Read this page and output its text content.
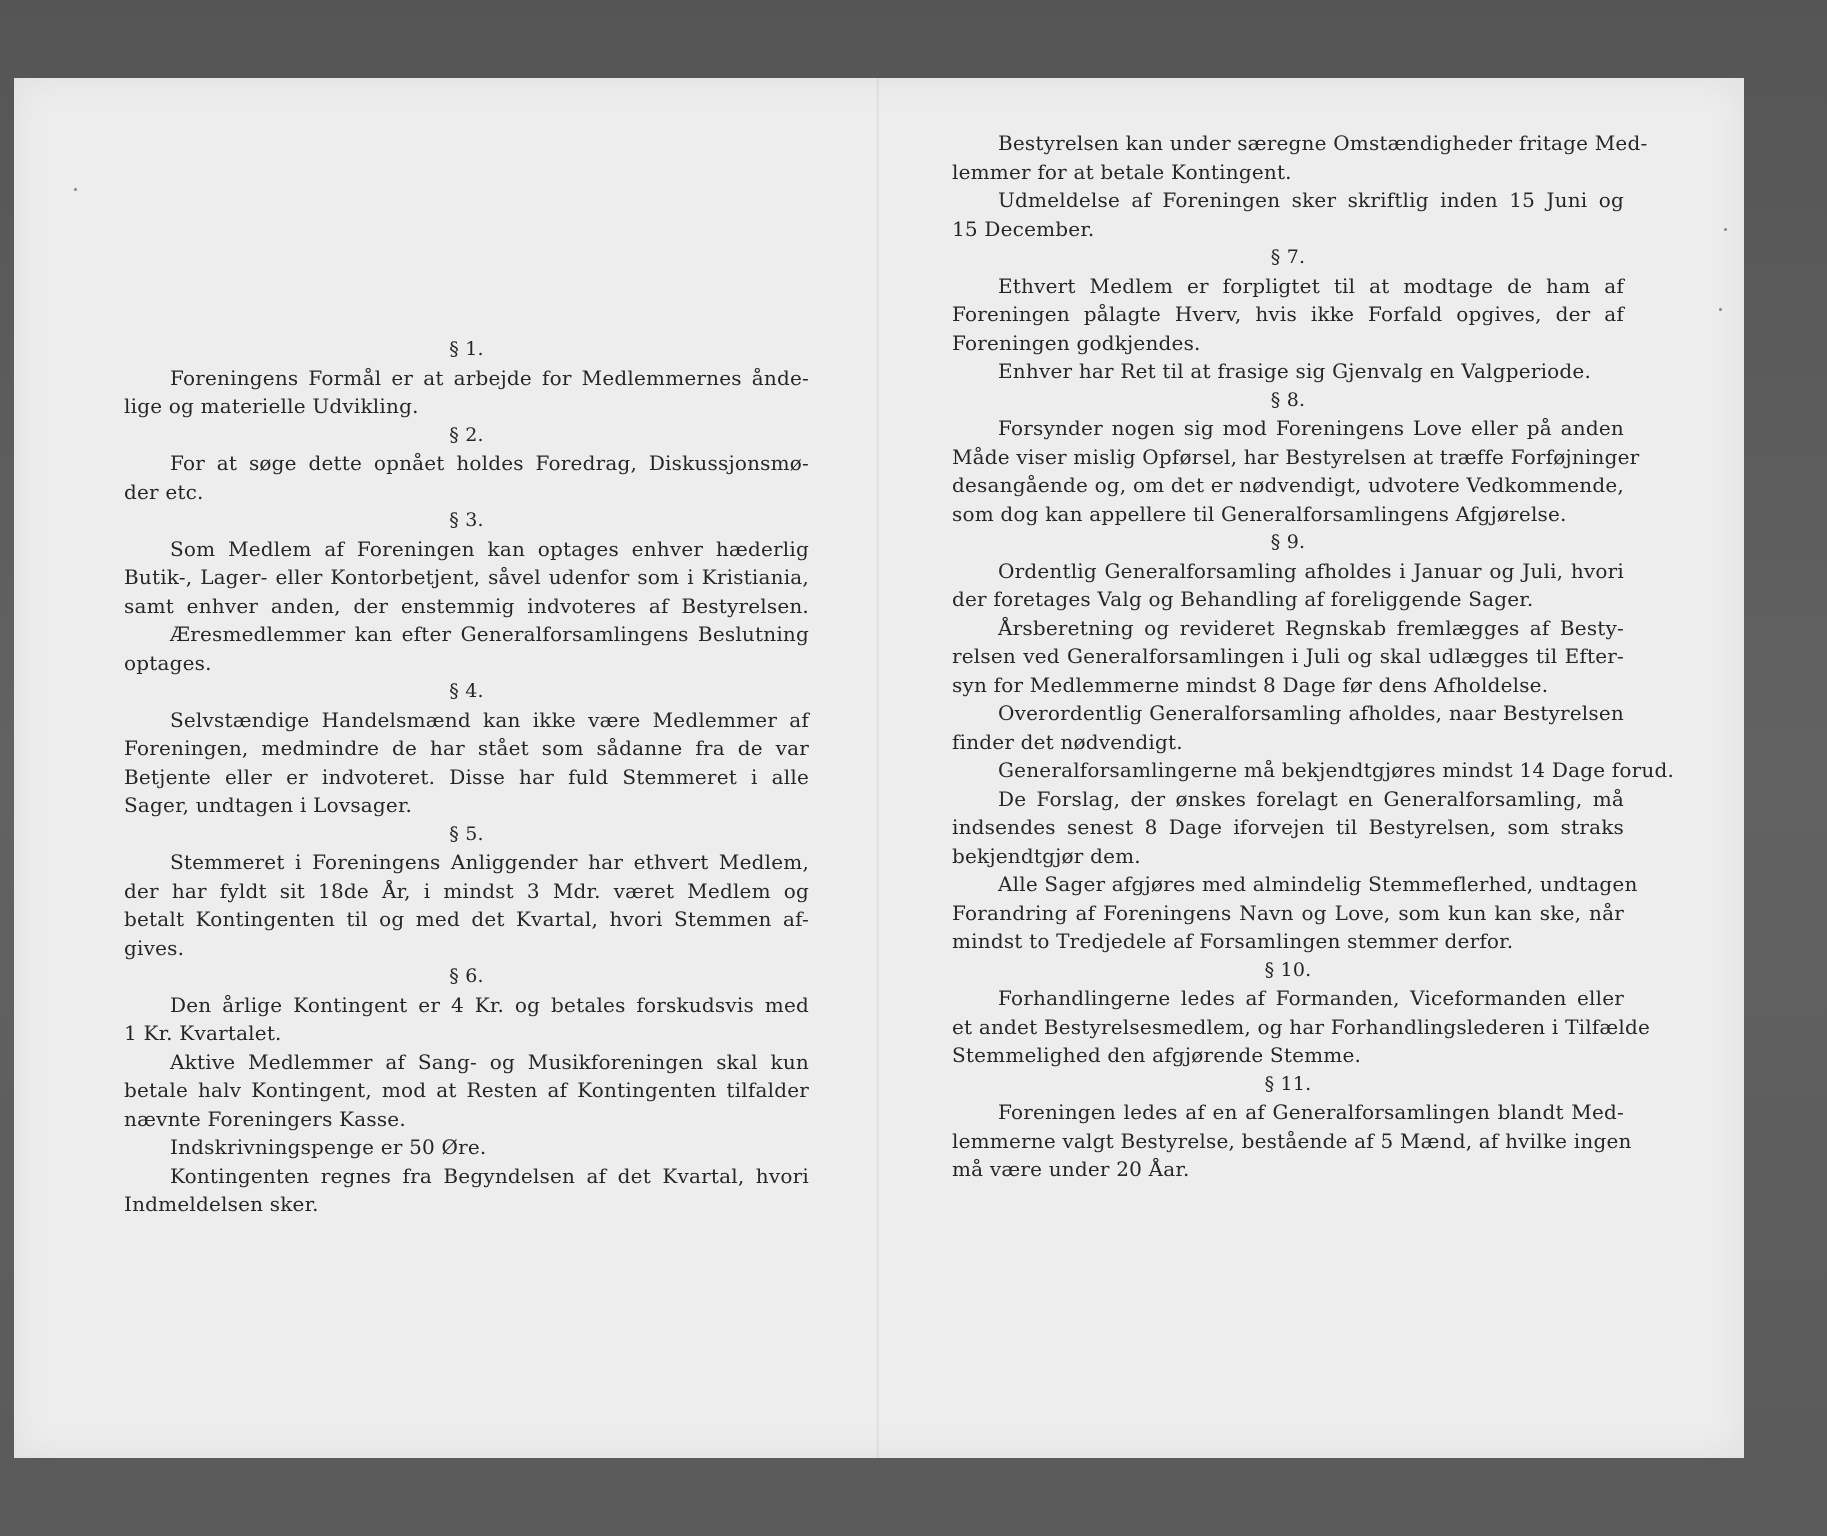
§ 1.
Foreningens Formål er at arbejde for Medlemmernes ånde-
lige og materielle Udvikling.
§ 2.
For at søge dette opnået holdes Foredrag, Diskussjonsmø-
der etc.
§ 3.
Som Medlem af Foreningen kan optages enhver hæderlig
Butik-, Lager- eller Kontorbetjent, såvel udenfor som i Kristiania,
samt enhver anden, der enstemmig indvoteres af Bestyrelsen.
Æresmedlemmer kan efter Generalforsamlingens Beslutning
optages.
§ 4.
Selvstændige Handelsmænd kan ikke være Medlemmer af
Foreningen, medmindre de har stået som sådanne fra de var
Betjente eller er indvoteret. Disse har fuld Stemmeret i alle
Sager, undtagen i Lovsager.
§ 5.
Stemmeret i Foreningens Anliggender har ethvert Medlem,
der har fyldt sit 18de År, i mindst 3 Mdr. været Medlem og
betalt Kontingenten til og med det Kvartal, hvori Stemmen af-
gives.
§ 6.
Den årlige Kontingent er 4 Kr. og betales forskudsvis med
1 Kr. Kvartalet.
Aktive Medlemmer af Sang- og Musikforeningen skal kun
betale halv Kontingent, mod at Resten af Kontingenten tilfalder
nævnte Foreningers Kasse.
Indskrivningspenge er 50 Øre.
Kontingenten regnes fra Begyndelsen af det Kvartal, hvori
Indmeldelsen sker.
Bestyrelsen kan under særegne Omstændigheder fritage Med-
lemmer for at betale Kontingent.
Udmeldelse af Foreningen sker skriftlig inden 15 Juni og
15 December.
§ 7.
Ethvert Medlem er forpligtet til at modtage de ham af
Foreningen pålagte Hverv, hvis ikke Forfald opgives, der af
Foreningen godkjendes.
Enhver har Ret til at frasige sig Gjenvalg en Valgperiode.
§ 8.
Forsynder nogen sig mod Foreningens Love eller på anden
Måde viser mislig Opførsel, har Bestyrelsen at træffe Forføjninger
desangående og, om det er nødvendigt, udvotere Vedkommende,
som dog kan appellere til Generalforsamlingens Afgjørelse.
§ 9.
Ordentlig Generalforsamling afholdes i Januar og Juli, hvori
der foretages Valg og Behandling af foreliggende Sager.
Årsberetning og revideret Regnskab fremlægges af Besty-
relsen ved Generalforsamlingen i Juli og skal udlægges til Efter-
syn for Medlemmerne mindst 8 Dage før dens Afholdelse.
Overordentlig Generalforsamling afholdes, naar Bestyrelsen
finder det nødvendigt.
Generalforsamlingerne må bekjendtgjøres mindst 14 Dage forud.
De Forslag, der ønskes forelagt en Generalforsamling, må
indsendes senest 8 Dage iforvejen til Bestyrelsen, som straks
bekjendtgjør dem.
Alle Sager afgjøres med almindelig Stemmeflerhed, undtagen
Forandring af Foreningens Navn og Love, som kun kan ske, når
mindst to Tredjedele af Forsamlingen stemmer derfor.
§ 10.
Forhandlingerne ledes af Formanden, Viceformanden eller
et andet Bestyrelsesmedlem, og har Forhandlingslederen i Tilfælde
Stemmelighed den afgjørende Stemme.
§ 11.
Foreningen ledes af en af Generalforsamlingen blandt Med-
lemmerne valgt Bestyrelse, bestående af 5 Mænd, af hvilke ingen
må være under 20 Åar.
